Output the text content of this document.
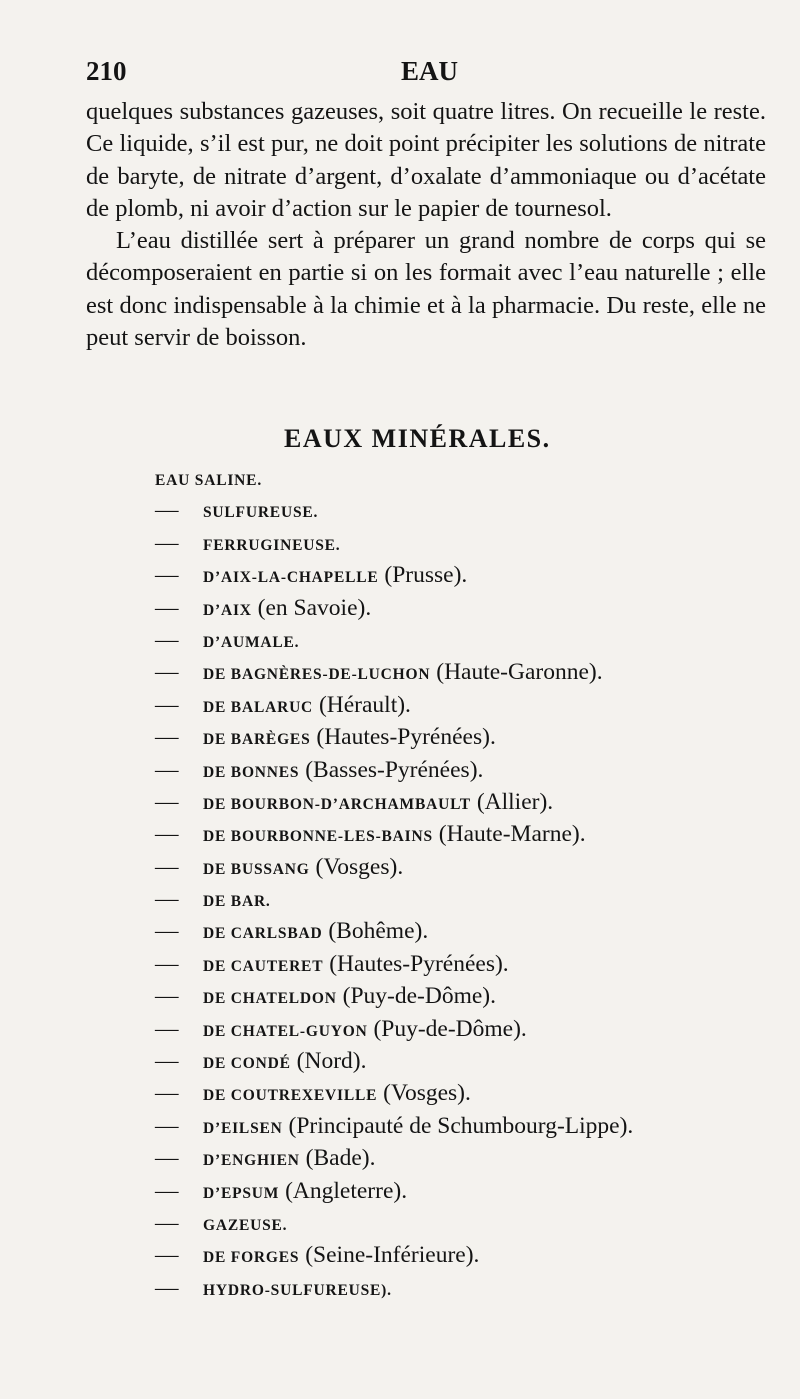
210	EAU

quelques substances gazeuses, soit quatre litres. On recueille le reste. Ce liquide, s’il est pur, ne doit point précipiter les solutions de nitrate de baryte, de nitrate d’argent, d’oxalate d’ammoniaque ou d’acétate de plomb, ni avoir d’action sur le papier de tournesol.

L’eau distillée sert à préparer un grand nombre de corps qui se décomposeraient en partie si on les formait avec l’eau naturelle ; elle est donc indispensable à la chimie et à la pharmacie. Du reste, elle ne peut servir de boisson.

EAUX MINÉRALES.
EAU SALINE.
— SULFUREUSE.
— FERRUGINEUSE.
— D’AIX-LA-CHAPELLE (Prusse).
— D’AIX (en Savoie).
— D’AUMALE.
— DE BAGNÈRES-DE-LUCHON (Haute-Garonne).
— DE BALARUC (Hérault).
— DE BARÈGES (Hautes-Pyrénées).
— DE BONNES (Basses-Pyrénées).
— DE BOURBON-D’ARCHAMBAULT (Allier).
— DE BOURBONNE-LES-BAINS (Haute-Marne).
— DE BUSSANG (Vosges).
— DE BAR.
— DE CARLSBAD (Bohême).
— DE CAUTERET (Hautes-Pyrénées).
— DE CHATELDON (Puy-de-Dôme).
— DE CHATEL-GUYON (Puy-de-Dôme).
— DE CONDÉ (Nord).
— DE COUTREXEVILLE (Vosges).
— D’EILSEN (Principauté de Schumbourg-Lippe).
— D’ENGHIEN (Bade).
— D’EPSUM (Angleterre).
— GAZEUSE.
— DE FORGES (Seine-Inférieure).
— HYDRO-SULFUREUSE).
